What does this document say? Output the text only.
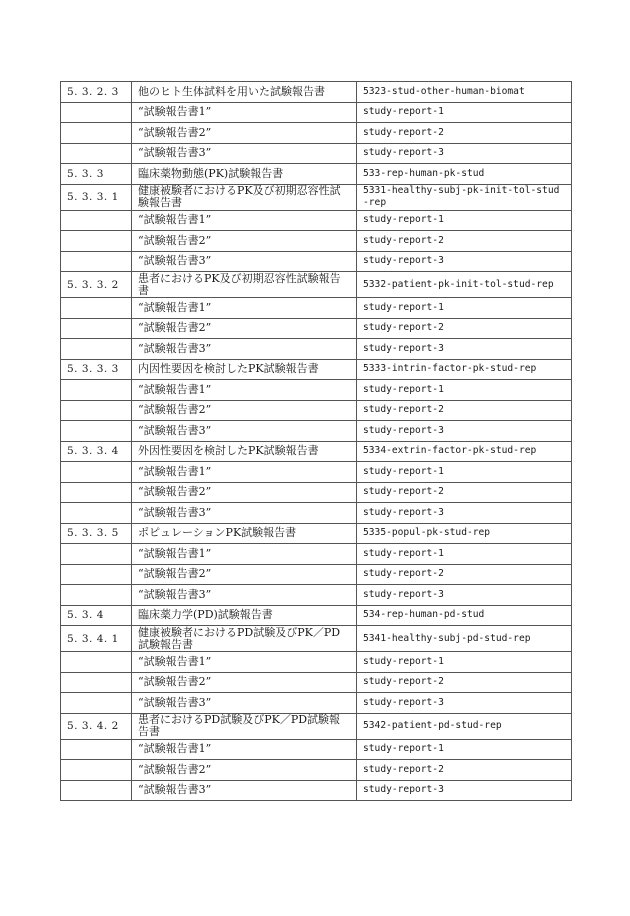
5. 3. 2. 3	他のヒト生体試料を用いた試験報告書	5323-stud-other-human-biomat
	“試験報告書1”	study-report-1
	“試験報告書2”	study-report-2
	“試験報告書3”	study-report-3
5. 3. 3	臨床薬物動態(PK)試験報告書	533-rep-human-pk-stud
5. 3. 3. 1	健康被験者におけるPK及び初期忍容性試験報告書	5331-healthy-subj-pk-init-tol-stud-rep
	“試験報告書1”	study-report-1
	“試験報告書2”	study-report-2
	“試験報告書3”	study-report-3
5. 3. 3. 2	患者におけるPK及び初期忍容性試験報告書	5332-patient-pk-init-tol-stud-rep
	“試験報告書1”	study-report-1
	“試験報告書2”	study-report-2
	“試験報告書3”	study-report-3
5. 3. 3. 3	内因性要因を検討したPK試験報告書	5333-intrin-factor-pk-stud-rep
	“試験報告書1”	study-report-1
	“試験報告書2”	study-report-2
	“試験報告書3”	study-report-3
5. 3. 3. 4	外因性要因を検討したPK試験報告書	5334-extrin-factor-pk-stud-rep
	“試験報告書1”	study-report-1
	“試験報告書2”	study-report-2
	“試験報告書3”	study-report-3
5. 3. 3. 5	ポピュレーションPK試験報告書	5335-popul-pk-stud-rep
	“試験報告書1”	study-report-1
	“試験報告書2”	study-report-2
	“試験報告書3”	study-report-3
5. 3. 4	臨床薬力学(PD)試験報告書	534-rep-human-pd-stud
5. 3. 4. 1	健康被験者におけるPD試験及びPK／PD試験報告書	5341-healthy-subj-pd-stud-rep
	“試験報告書1”	study-report-1
	“試験報告書2”	study-report-2
	“試験報告書3”	study-report-3
5. 3. 4. 2	患者におけるPD試験及びPK／PD試験報告書	5342-patient-pd-stud-rep
	“試験報告書1”	study-report-1
	“試験報告書2”	study-report-2
	“試験報告書3”	study-report-3
